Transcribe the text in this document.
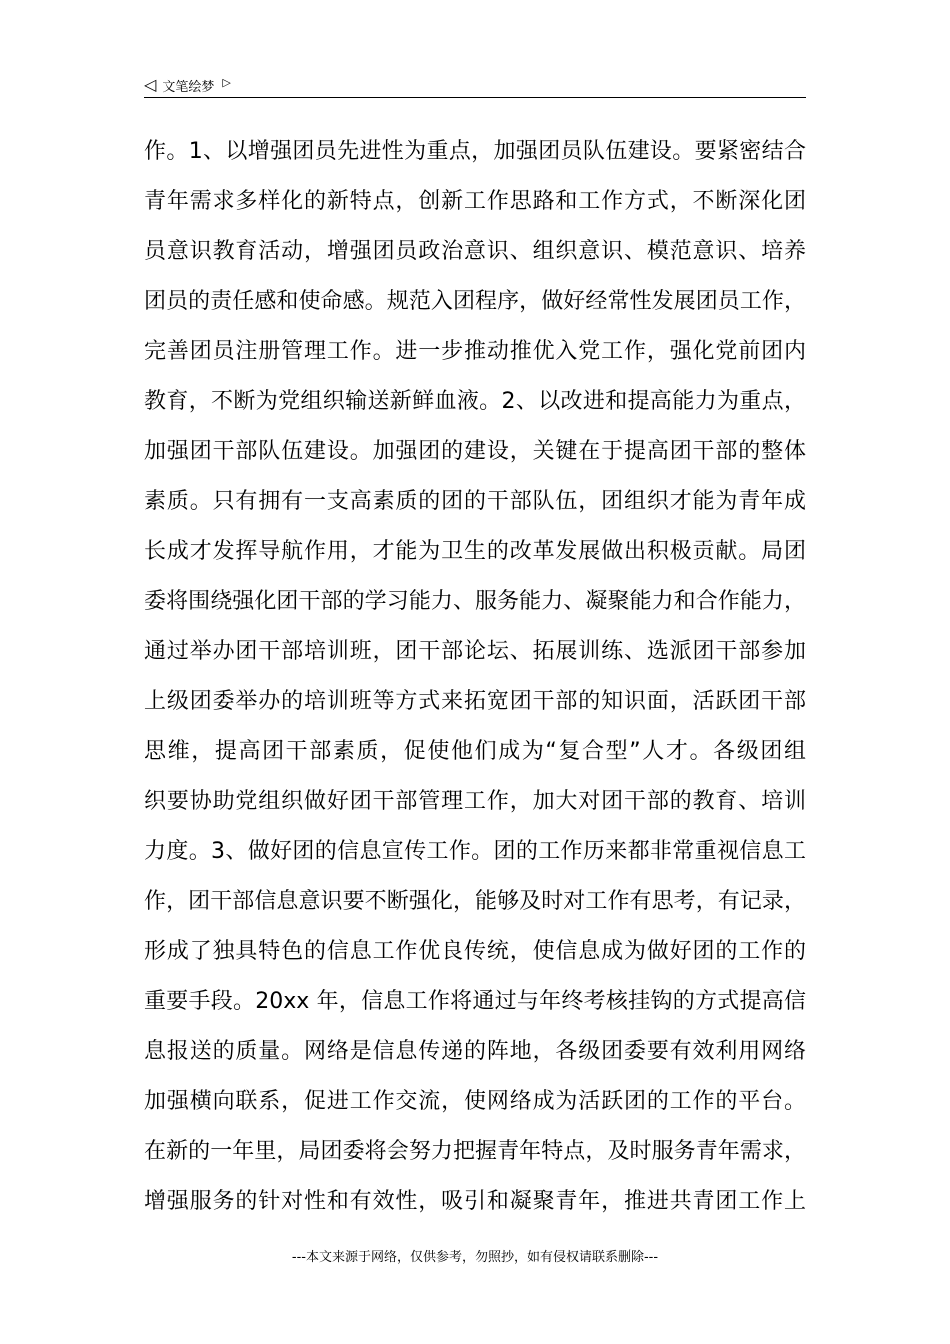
◁ 文笔绘梦 ▷
作。1、以增强团员先进性为重点，加强团员队伍建设。要紧密结合
青年需求多样化的新特点，创新工作思路和工作方式，不断深化团
员意识教育活动，增强团员政治意识、组织意识、模范意识、培养
团员的责任感和使命感。规范入团程序，做好经常性发展团员工作，
完善团员注册管理工作。进一步推动推优入党工作，强化党前团内
教育，不断为党组织输送新鲜血液。2、以改进和提高能力为重点，
加强团干部队伍建设。加强团的建设，关键在于提高团干部的整体
素质。只有拥有一支高素质的团的干部队伍，团组织才能为青年成
长成才发挥导航作用，才能为卫生的改革发展做出积极贡献。局团
委将围绕强化团干部的学习能力、服务能力、凝聚能力和合作能力，
通过举办团干部培训班，团干部论坛、拓展训练、选派团干部参加
上级团委举办的培训班等方式来拓宽团干部的知识面，活跃团干部
思维，提高团干部素质，促使他们成为“复合型”人才。各级团组
织要协助党组织做好团干部管理工作，加大对团干部的教育、培训
力度。3、做好团的信息宣传工作。团的工作历来都非常重视信息工
作，团干部信息意识要不断强化，能够及时对工作有思考，有记录，
形成了独具特色的信息工作优良传统，使信息成为做好团的工作的
重要手段。20xx 年，信息工作将通过与年终考核挂钩的方式提高信
息报送的质量。网络是信息传递的阵地，各级团委要有效利用网络
加强横向联系，促进工作交流，使网络成为活跃团的工作的平台。
在新的一年里，局团委将会努力把握青年特点，及时服务青年需求，
增强服务的针对性和有效性，吸引和凝聚青年，推进共青团工作上
---本文来源于网络，仅供参考，勿照抄，如有侵权请联系删除---
